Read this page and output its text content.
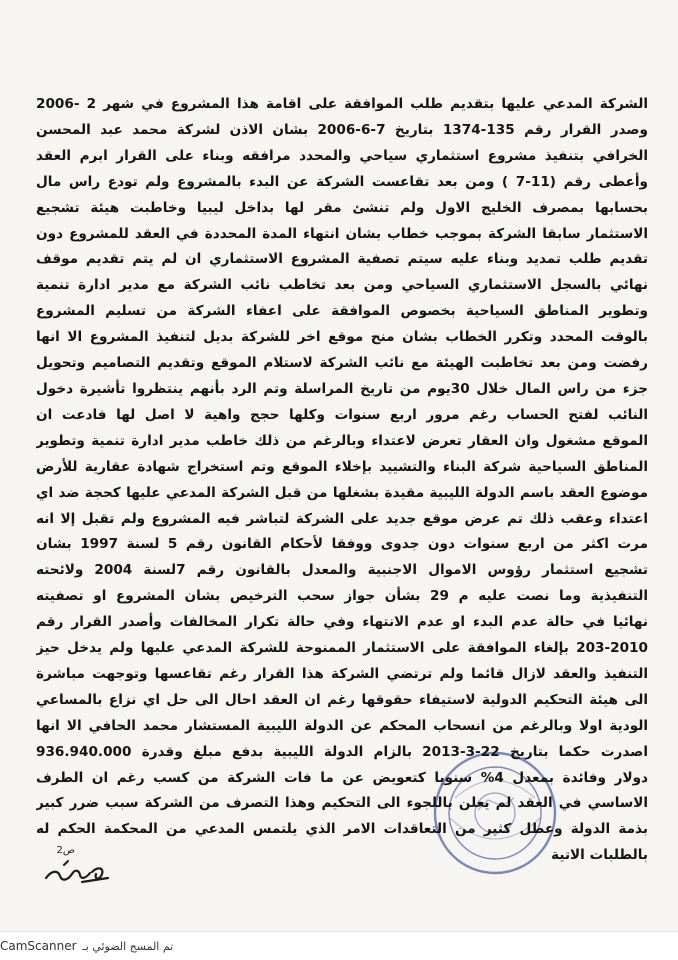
الشركة المدعي عليها بتقديم طلب الموافقة على اقامة هذا المشروع في شهر 2 -2006
وصدر القرار رقم 135-1374 بتاريخ 7-6-2006 بشان الاذن لشركة محمد عبد المحسن
الخرافي بتنفيذ مشروع استثماري سياحي والمحدد مرافقه وبناء على القرار ابرم العقد
وأعطى رقم (11-7 ) ومن بعد تقاعست الشركة عن البدء بالمشروع ولم تودع راس مال
بحسابها بمصرف الخليج الاول ولم تنشئ مقر لها بداخل ليبيا وخاطبت هيئة تشجيع
الاستثمار سابقا الشركة بموجب خطاب بشان انتهاء المدة المحددة في العقد للمشروع دون
تقديم طلب تمديد وبناء عليه سيتم تصفية المشروع الاستثماري ان لم يتم تقديم موقف
نهائي بالسجل الاستثماري السياحي ومن بعد تخاطب نائب الشركة مع مدير ادارة تنمية
وتطوير المناطق السياحية بخصوص الموافقة على اعفاء الشركة من تسليم المشروع
بالوقت المحدد وتكرر الخطاب بشان منح موقع اخر للشركة بديل لتنفيذ المشروع الا انها
رفضت ومن بعد تخاطبت الهيئة مع نائب الشركة لاستلام الموقع وتقديم التصاميم وتحويل
جزء من راس المال خلال 30يوم من تاريخ المراسلة وتم الرد بأنهم ينتظروا تأشيرة دخول
النائب لفتح الحساب رغم مرور اربع سنوات وكلها حجج واهية لا اصل لها فادعت ان
الموقع مشغول وان العقار تعرض لاعتداء وبالرغم من ذلك خاطب مدير ادارة تنمية وتطوير
المناطق السياحية شركة البناء والتشييد بإخلاء الموقع وتم استخراج شهادة عقارية للأرض
موضوع العقد باسم الدولة الليبية مقيدة بشغلها من قبل الشركة المدعي عليها كحجة ضد اي
اعتداء وعقب ذلك تم عرض موقع جديد على الشركة لتباشر فيه المشروع ولم تقبل إلا انه
مرت اكثر من اربع سنوات دون جدوى ووفقا لأحكام القانون رقم 5 لسنة 1997 بشان
تشجيع استثمار رؤوس الاموال الاجنبية والمعدل بالقانون رقم 7لسنة 2004 ولائحته
التنفيذية وما نصت عليه م 29 بشأن جواز سحب الترخيص بشان المشروع او تصفيته
نهائيا في حالة عدم البدء او عدم الانتهاء وفي حالة تكرار المخالفات وأصدر القرار رقم
203-2010 بإلغاء الموافقة على الاستثمار الممنوحة للشركة المدعي عليها ولم يدخل حيز
التنفيذ والعقد لازال قائما ولم ترتضي الشركة هذا القرار رغم تقاعسها وتوجهت مباشرة
الى هيئة التحكيم الدولية لاستيفاء حقوقها رغم ان العقد احال الى حل اي نزاع بالمساعي
الودية اولا وبالرغم من انسحاب المحكم عن الدولة الليبية المستشار محمد الحافي الا انها
اصدرت حكما بتاريخ 22-3-2013 بالزام الدولة الليبية بدفع مبلغ وقدرة 936.940.000
دولار وفائدة بمعدل 4% سنويا كتعويض عن ما فات الشركة من كسب رغم ان الطرف
الاساسي في العقد لم يعلن باللجوء الى التحكيم وهذا التصرف من الشركة سبب ضرر كبير
بذمة الدولة وعطل كثير من التعاقدات الامر الذي يلتمس المدعي من المحكمة الحكم له
بالطلبات الاتية
ص2
تم المسح الضوئي بـ
CamScanner
